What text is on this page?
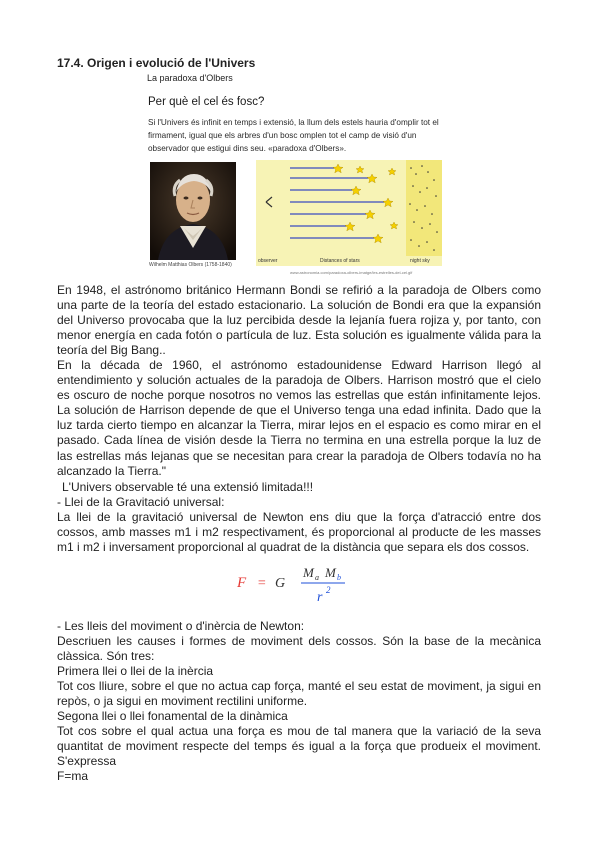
17.4. Origen i evolució de l'Univers
La paradoxa d'Olbers
Per què el cel és fosc?
Si l'Univers és infinit en temps i extensió, la llum dels estels hauria d'omplir tot el firmament, igual que els arbres d'un bosc omplen tot el camp de visió d'un observador que estigui dins seu. «paradoxa d'Olbers».
Wilhelm Matthias Olbers (1758-1840)
observer	Distances of stars	night sky
www.astronomia.com/paradoxa-olbers-imatge/les-estrelles-del-cel.gif

En 1948, el astrónomo británico Hermann Bondi se refirió a la paradoja de Olbers como una parte de la teoría del estado estacionario. La solución de Bondi era que la expansión del Universo provocaba que la luz percibida desde la lejanía fuera rojiza y, por tanto, con menor energía en cada fotón o partícula de luz. Esta solución es igualmente válida para la teoría del Big Bang..

En la década de 1960, el astrónomo estadounidense Edward Harrison llegó al entendimiento y solución actuales de la paradoja de Olbers. Harrison mostró que el cielo es oscuro de noche porque nosotros no vemos las estrellas que están infinitamente lejos. La solución de Harrison depende de que el Universo tenga una edad infinita. Dado que la luz tarda cierto tiempo en alcanzar la Tierra, mirar lejos en el espacio es como mirar en el pasado. Cada línea de visión desde la Tierra no termina en una estrella porque la luz de las estrellas más lejanas que se necesitan para crear la paradoja de Olbers todavía no ha alcanzado la Tierra."

L'Univers observable té una extensió limitada!!!

- Llei de la Gravitació universal:

La llei de la gravitació universal de Newton ens diu que la força d'atracció entre dos cossos, amb masses m1 i m2 respectivament, és proporcional al producte de les masses m1 i m2 i inversament proporcional al quadrat de la distància que separa els dos cossos.

F = G
M a M b
r 2

- Les lleis del moviment o d'inèrcia de Newton:

Descriuen les causes i formes de moviment dels cossos. Són la base de la mecànica clàssica. Són tres:

Primera llei o llei de la inèrcia

Tot cos lliure, sobre el que no actua cap força, manté el seu estat de moviment, ja sigui en repòs, o ja sigui en moviment rectilini uniforme.

Segona llei o llei fonamental de la dinàmica

Tot cos sobre el qual actua una força es mou de tal manera que la variació de la seva quantitat de moviment respecte del temps és igual a la força que produeix el moviment. S'expressa

F=ma
